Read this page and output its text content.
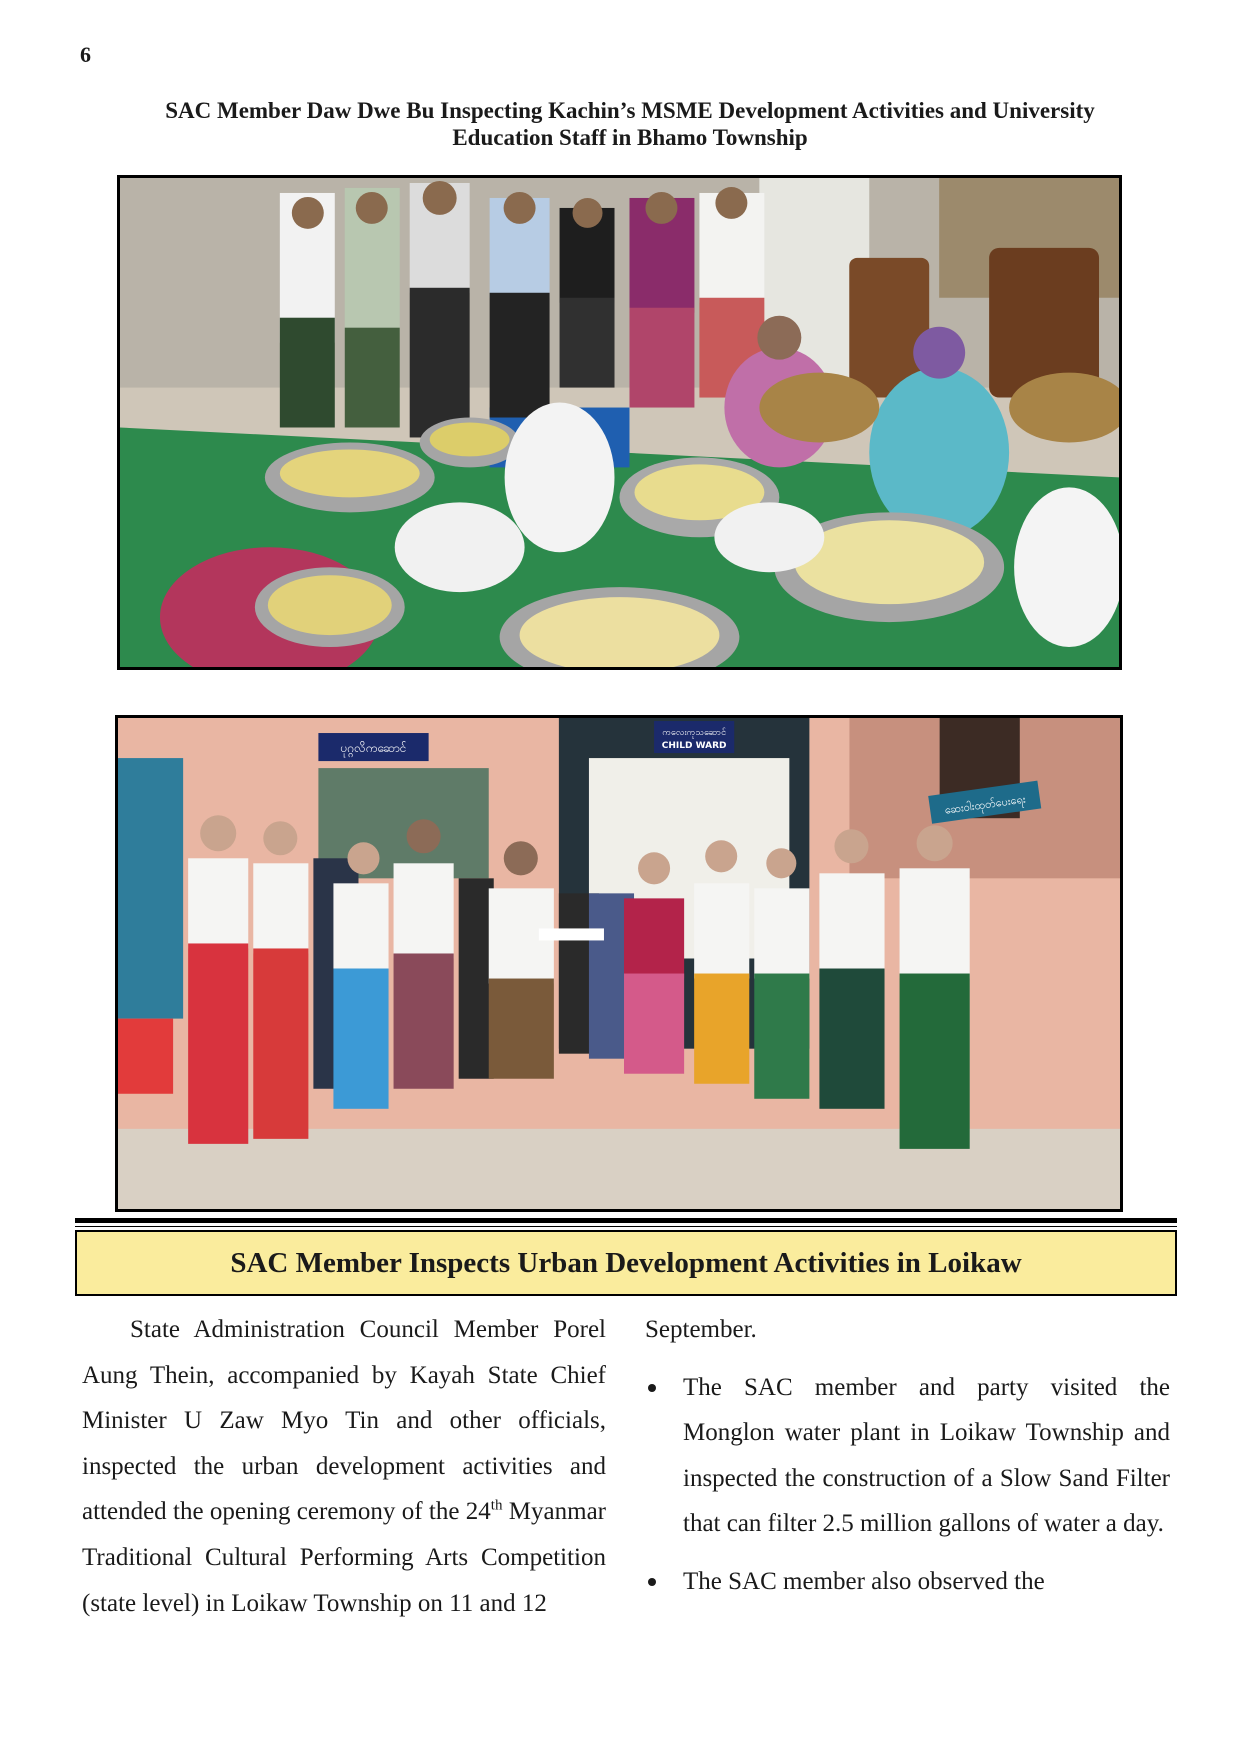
6
SAC Member Daw Dwe Bu Inspecting Kachin’s MSME Development Activities and University
Education Staff in Bhamo Township
ပုဂ္ဂလိကဆောင်
ကလေးကုသဆောင်
CHILD WARD
ဆေးဝါးထုတ်ပေးရေး
SAC Member Inspects Urban Development Activities in Loikaw

State Administration Council Member Porel Aung Thein, accompanied by Kayah State Chief Minister U Zaw Myo Tin and other officials, inspected the urban development activities and attended the opening ceremony of the 24th Myanmar Traditional Cultural Performing Arts Competition (state level) in Loikaw Township on 11 and 12

September.

The SAC member and party visited the Monglon water plant in Loikaw Township and inspected the construction of a Slow Sand Filter that can filter 2.5 million gallons of water a day.
The SAC member also observed the
